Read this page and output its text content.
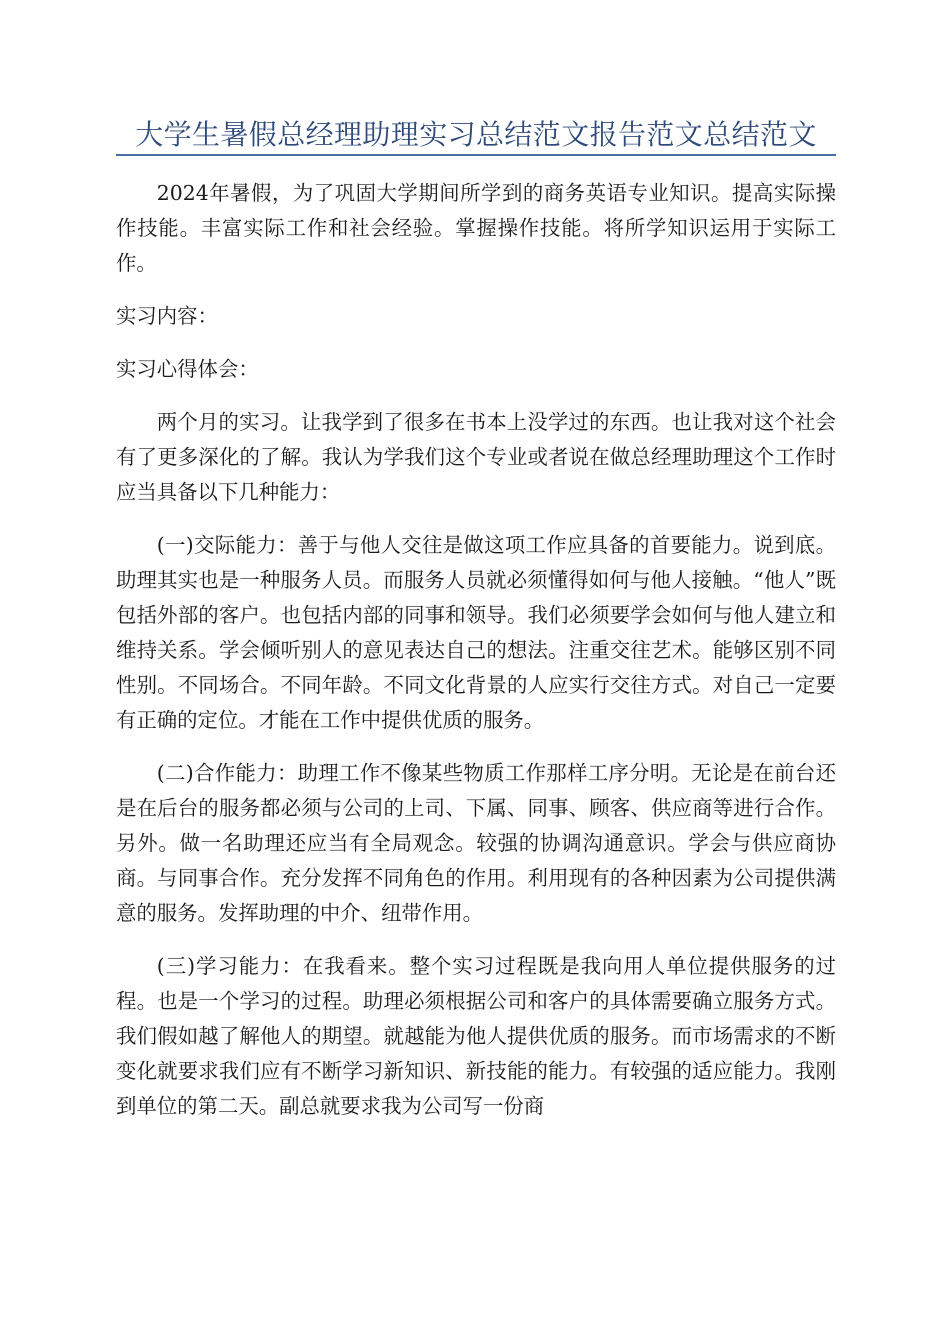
大学生暑假总经理助理实习总结范文报告范文总结范文

2024年暑假，为了巩固大学期间所学到的商务英语专业知识。提高实际操作技能。丰富实际工作和社会经验。掌握操作技能。将所学知识运用于实际工作。

实习内容：

实习心得体会：

两个月的实习。让我学到了很多在书本上没学过的东西。也让我对这个社会有了更多深化的了解。我认为学我们这个专业或者说在做总经理助理这个工作时应当具备以下几种能力：

(一)交际能力：善于与他人交往是做这项工作应具备的首要能力。说到底。助理其实也是一种服务人员。而服务人员就必须懂得如何与他人接触。“他人”既包括外部的客户。也包括内部的同事和领导。我们必须要学会如何与他人建立和维持关系。学会倾听别人的意见表达自己的想法。注重交往艺术。能够区别不同性别。不同场合。不同年龄。不同文化背景的人应实行交往方式。对自己一定要有正确的定位。才能在工作中提供优质的服务。

(二)合作能力：助理工作不像某些物质工作那样工序分明。无论是在前台还是在后台的服务都必须与公司的上司、下属、同事、顾客、供应商等进行合作。另外。做一名助理还应当有全局观念。较强的协调沟通意识。学会与供应商协商。与同事合作。充分发挥不同角色的作用。利用现有的各种因素为公司提供满意的服务。发挥助理的中介、纽带作用。

(三)学习能力：在我看来。整个实习过程既是我向用人单位提供服务的过程。也是一个学习的过程。助理必须根据公司和客户的具体需要确立服务方式。我们假如越了解他人的期望。就越能为他人提供优质的服务。而市场需求的不断变化就要求我们应有不断学习新知识、新技能的能力。有较强的适应能力。我刚到单位的第二天。副总就要求我为公司写一份商
